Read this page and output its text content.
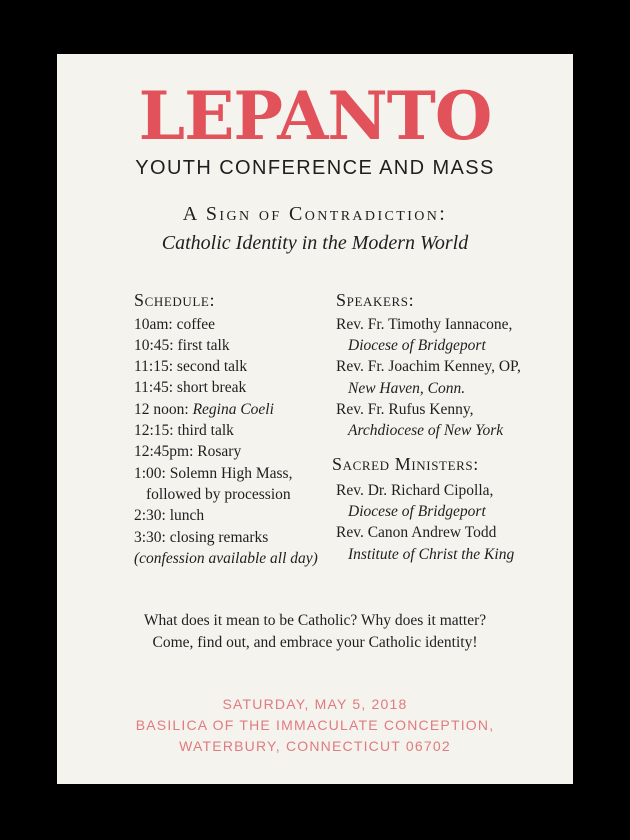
LEPANTO
YOUTH CONFERENCE AND MASS
A Sign of Contradiction:
Catholic Identity in the Modern World
Schedule:
10am: coffee
10:45: first talk
11:15: second talk
11:45: short break
12 noon: Regina Coeli
12:15: third talk
12:45pm: Rosary
1:00: Solemn High Mass,
followed by procession
2:30: lunch
3:30: closing remarks
(confession available all day)
Speakers:
Rev. Fr. Timothy Iannacone,
Diocese of Bridgeport
Rev. Fr. Joachim Kenney, OP,
New Haven, Conn.
Rev. Fr. Rufus Kenny,
Archdiocese of New York
Sacred Ministers:
Rev. Dr. Richard Cipolla,
Diocese of Bridgeport
Rev. Canon Andrew Todd
Institute of Christ the King
What does it mean to be Catholic? Why does it matter?
Come, find out, and embrace your Catholic identity!
SATURDAY, MAY 5, 2018
BASILICA OF THE IMMACULATE CONCEPTION,
WATERBURY, CONNECTICUT 06702
